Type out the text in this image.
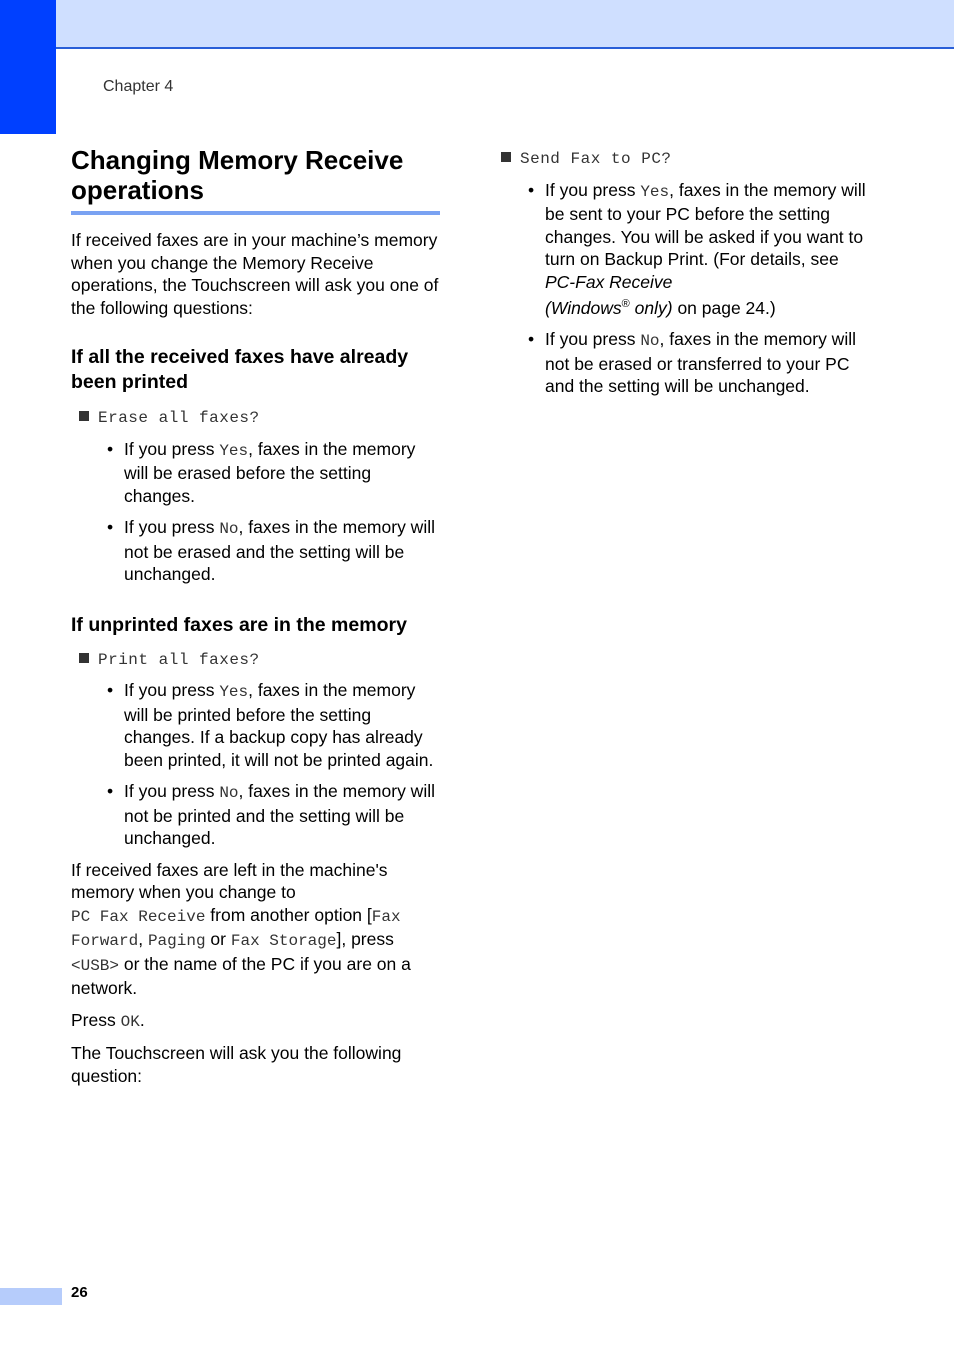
Chapter 4
Changing Memory Receive operations

If received faxes are in your machine’s memory when you change the Memory Receive operations, the Touchscreen will ask you one of the following questions:

If all the received faxes have already been printed
Erase all faxes?
• If you press Yes, faxes in the memory will be erased before the setting changes.
• If you press No, faxes in the memory will not be erased and the setting will be unchanged.
If unprinted faxes are in the memory
Print all faxes?
• If you press Yes, faxes in the memory will be printed before the setting changes. If a backup copy has already been printed, it will not be printed again.
• If you press No, faxes in the memory will not be printed and the setting will be unchanged.

If received faxes are left in the machine's memory when you change to
PC Fax Receive from another option [Fax Forward, Paging or Fax Storage], press <USB> or the name of the PC if you are on a network.

Press OK.

The Touchscreen will ask you the following question:

Send Fax to PC?
• If you press Yes, faxes in the memory will be sent to your PC before the setting changes. You will be asked if you want to turn on Backup Print. (For details, see PC-Fax Receive
(Windows® only) on page 24.)
• If you press No, faxes in the memory will not be erased or transferred to your PC and the setting will be unchanged.
26
